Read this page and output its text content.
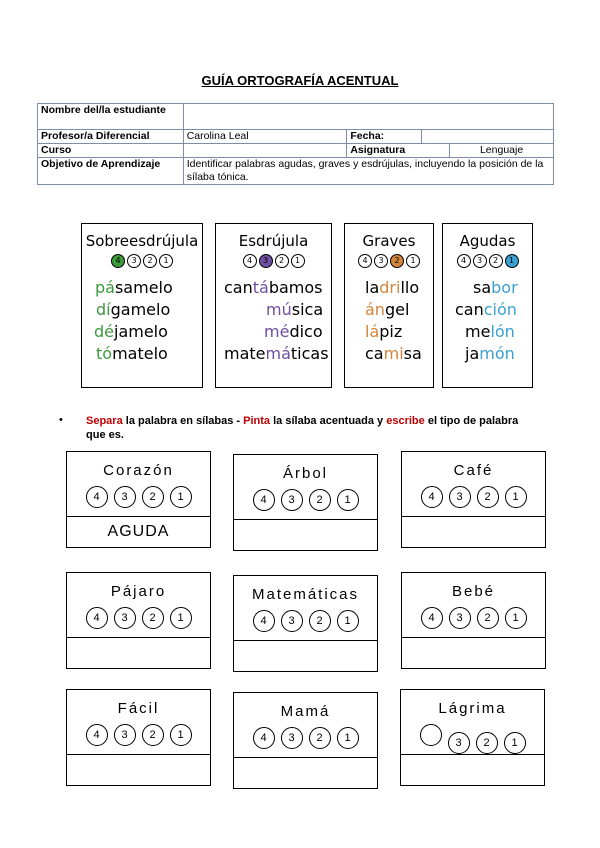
GUÍA ORTOGRAFÍA ACENTUAL
Nombre del/la estudiante				
Profesor/a Diferencial	Carolina Leal	Fecha:		
Curso		Asignatura		Lenguaje
Objetivo de Aprendizaje	Identificar palabras agudas, graves y esdrújulas, incluyendo la posición de la sílaba tónica.			
Sobreesdrújula
4 3 2 1
pásamelo
dígamelo
déjamelo
tómatelo
Esdrújula
4 3 2 1
cantábamos
música
médico
matemáticas
Graves
4 3 2 1
ladrillo
ángel
lápiz
camisa
Agudas
4 3 2 1
sabor
canción
melón
jamón
• Separa la palabra en sílabas - Pinta la sílaba acentuada y escribe el tipo de palabra que es.
Corazón
4 3 2 1
AGUDA
Árbol
4 3 2 1
Café
4 3 2 1
Pájaro
4 3 2 1
Matemáticas
4 3 2 1
Bebé
4 3 2 1
Fácil
4 3 2 1
Mamá
4 3 2 1
Lágrima
3 2 1
